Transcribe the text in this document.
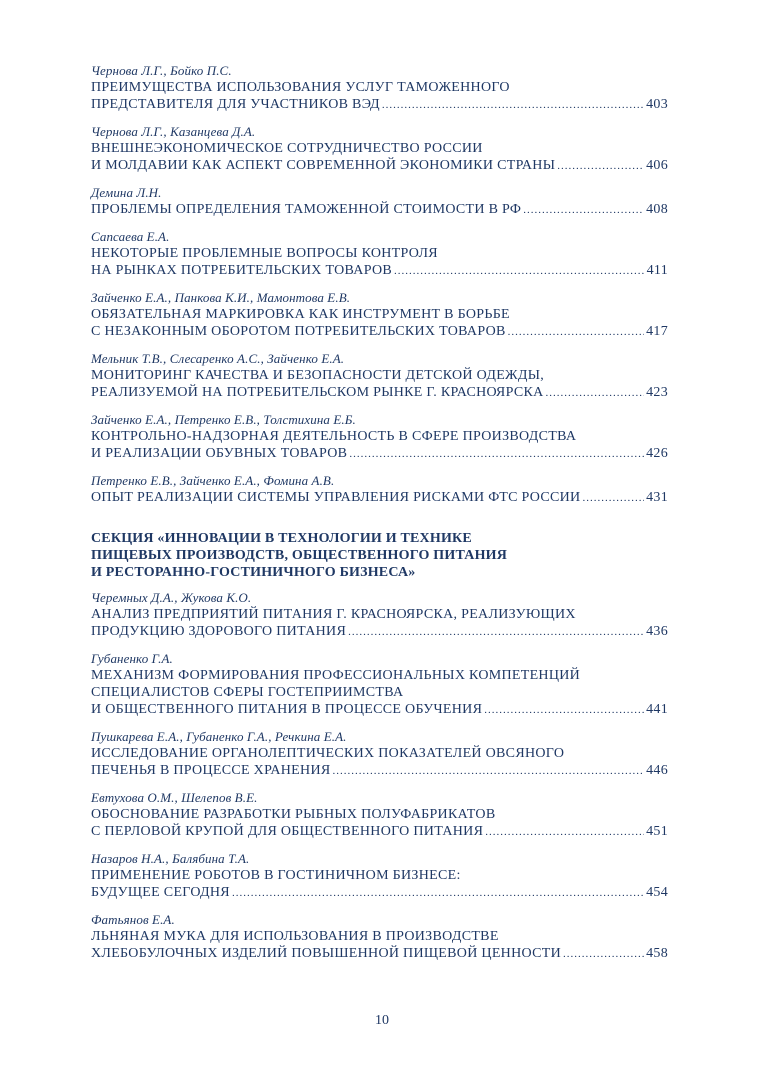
Чернова Л.Г., Бойко П.С.
ПРЕИМУЩЕСТВА ИСПОЛЬЗОВАНИЯ УСЛУГ ТАМОЖЕННОГО
ПРЕДСТАВИТЕЛЯ ДЛЯ УЧАСТНИКОВ ВЭД .....	403
Чернова Л.Г., Казанцева Д.А.
ВНЕШНЕЭКОНОМИЧЕСКОЕ СОТРУДНИЧЕСТВО РОССИИ
И МОЛДАВИИ КАК АСПЕКТ СОВРЕМЕННОЙ ЭКОНОМИКИ СТРАНЫ .....	406
Демина Л.Н.
ПРОБЛЕМЫ ОПРЕДЕЛЕНИЯ ТАМОЖЕННОЙ СТОИМОСТИ В РФ .....	408
Сапсаева Е.А.
НЕКОТОРЫЕ ПРОБЛЕМНЫЕ ВОПРОСЫ КОНТРОЛЯ
НА РЫНКАХ ПОТРЕБИТЕЛЬСКИХ ТОВАРОВ .....	411
Зайченко Е.А., Панкова К.И., Мамонтова Е.В.
ОБЯЗАТЕЛЬНАЯ МАРКИРОВКА КАК ИНСТРУМЕНТ В БОРЬБЕ
С НЕЗАКОННЫМ ОБОРОТОМ ПОТРЕБИТЕЛЬСКИХ ТОВАРОВ .....	417
Мельник Т.В., Слесаренко А.С., Зайченко Е.А.
МОНИТОРИНГ КАЧЕСТВА И БЕЗОПАСНОСТИ ДЕТСКОЙ ОДЕЖДЫ,
РЕАЛИЗУЕМОЙ НА ПОТРЕБИТЕЛЬСКОМ РЫНКЕ Г. КРАСНОЯРСКА .....	423
Зайченко Е.А., Петренко Е.В., Толстихина Е.Б.
КОНТРОЛЬНО-НАДЗОРНАЯ ДЕЯТЕЛЬНОСТЬ В СФЕРЕ ПРОИЗВОДСТВА
И РЕАЛИЗАЦИИ ОБУВНЫХ ТОВАРОВ .....	426
Петренко Е.В., Зайченко Е.А., Фомина А.В.
ОПЫТ РЕАЛИЗАЦИИ СИСТЕМЫ УПРАВЛЕНИЯ РИСКАМИ ФТС РОССИИ .....	431
СЕКЦИЯ «ИННОВАЦИИ В ТЕХНОЛОГИИ И ТЕХНИКЕ
ПИЩЕВЫХ ПРОИЗВОДСТВ, ОБЩЕСТВЕННОГО ПИТАНИЯ
И РЕСТОРАННО-ГОСТИНИЧНОГО БИЗНЕСА»
Черемных Д.А., Жукова К.О.
АНАЛИЗ ПРЕДПРИЯТИЙ ПИТАНИЯ Г. КРАСНОЯРСКА, РЕАЛИЗУЮЩИХ
ПРОДУКЦИЮ ЗДОРОВОГО ПИТАНИЯ .....	436
Губаненко Г.А.
МЕХАНИЗМ ФОРМИРОВАНИЯ ПРОФЕССИОНАЛЬНЫХ КОМПЕТЕНЦИЙ
СПЕЦИАЛИСТОВ СФЕРЫ ГОСТЕПРИИМСТВА
И ОБЩЕСТВЕННОГО ПИТАНИЯ В ПРОЦЕССЕ ОБУЧЕНИЯ .....	441
Пушкарева Е.А., Губаненко Г.А., Речкина Е.А.
ИССЛЕДОВАНИЕ ОРГАНОЛЕПТИЧЕСКИХ ПОКАЗАТЕЛЕЙ ОВСЯНОГО
ПЕЧЕНЬЯ В ПРОЦЕССЕ ХРАНЕНИЯ .....	446
Евтухова О.М., Шелепов В.Е.
ОБОСНОВАНИЕ РАЗРАБОТКИ РЫБНЫХ ПОЛУФАБРИКАТОВ
С ПЕРЛОВОЙ КРУПОЙ ДЛЯ ОБЩЕСТВЕННОГО ПИТАНИЯ .....	451
Назаров Н.А., Балябина Т.А.
ПРИМЕНЕНИЕ РОБОТОВ В ГОСТИНИЧНОМ БИЗНЕСЕ:
БУДУЩЕЕ СЕГОДНЯ .....	454
Фатьянов Е.А.
ЛЬНЯНАЯ МУКА ДЛЯ ИСПОЛЬЗОВАНИЯ В ПРОИЗВОДСТВЕ
ХЛЕБОБУЛОЧНЫХ ИЗДЕЛИЙ ПОВЫШЕННОЙ ПИЩЕВОЙ ЦЕННОСТИ .....	458
10
